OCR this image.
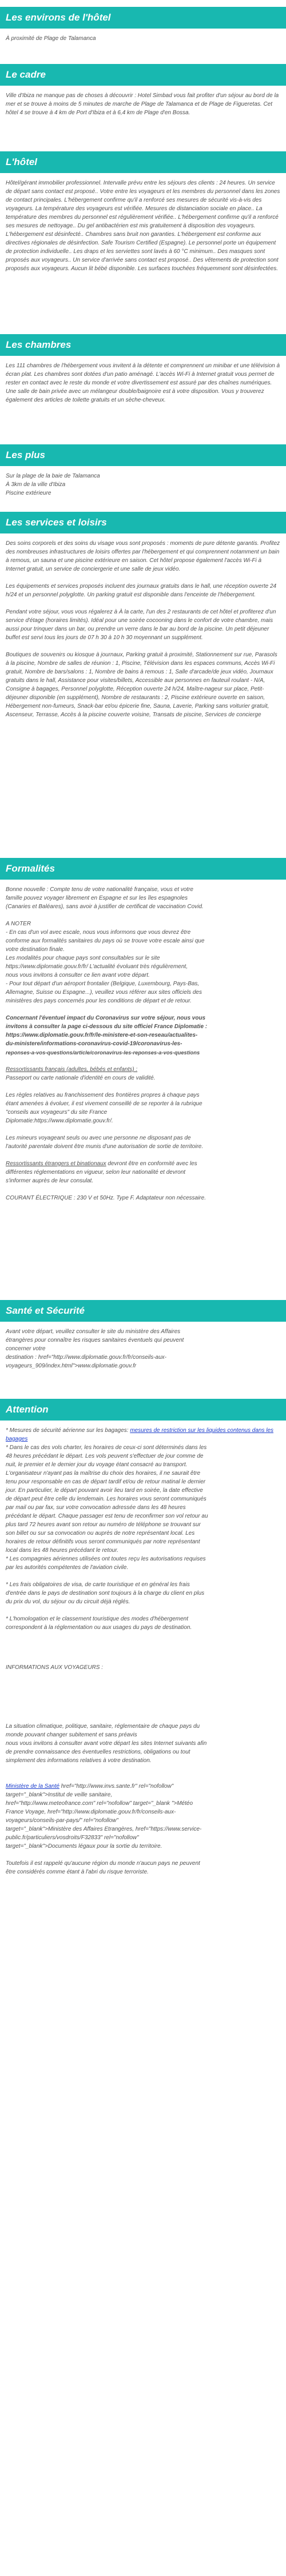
Les environs de l'hôtel

À proximité de Plage de Talamanca

Le cadre

Ville d'Ibiza ne manque pas de choses à découvrir : Hotel Simbad vous fait profiter d'un séjour au bord de la mer et se trouve à moins de 5 minutes de marche de Plage de Talamanca et de Plage de Figueretas. Cet hôtel 4 se trouve à 4 km de Port d'Ibiza et à 6,4 km de Plage d'en Bossa.

L'hôtel

Hôtel/gérant immobilier professionnel. Intervalle prévu entre les séjours des clients : 24 heures. Un service de départ sans contact est proposé.. Votre entre les voyageurs et les membres du personnel dans les zones de contact principales. L'hébergement confirme qu'il a renforcé ses mesures de sécurité vis-à-vis des voyageurs. La température des voyageurs est vérifiée. Mesures de distanciation sociale en place.. La température des membres du personnel est régulièrement vérifiée.. L'hébergement confirme qu'il a renforcé ses mesures de nettoyage.. Du gel antibactérien est mis gratuitement à disposition des voyageurs. L'hébergement est désinfecté.. Chambres sans bruit non garanties. L'hébergement est conforme aux directives régionales de désinfection. Safe Tourism Certified (Espagne). Le personnel porte un équipement de protection individuelle.. Les draps et les serviettes sont lavés à 60 °C minimum.. Des masques sont proposés aux voyageurs.. Un service d'arrivée sans contact est proposé.. Des vêtements de protection sont proposés aux voyageurs. Aucun lit bébé disponible. Les surfaces touchées fréquemment sont désinfectées.

Les chambres

Les 111 chambres de l'hébergement vous invitent à la détente et comprennent un minibar et une télévision à écran plat. Les chambres sont dotées d'un patio aménagé. L'accès Wi-Fi à Internet gratuit vous permet de rester en contact avec le reste du monde et votre divertissement est assuré par des chaînes numériques. Une salle de bain privée avec un mélangeur double/baignoire est à votre disposition. Vous y trouverez également des articles de toilette gratuits et un sèche-cheveux.

Les plus

Sur la plage de la baie de Talamanca

À 3km de la ville d'Ibiza

Piscine extérieure

Les services et loisirs

Des soins corporels et des soins du visage vous sont proposés : moments de pure détente garantis. Profitez des nombreuses infrastructures de loisirs offertes par l'hébergement et qui comprennent notamment un bain à remous, un sauna et une piscine extérieure en saison. Cet hôtel propose également l'accès Wi-Fi à Internet gratuit, un service de conciergerie et une salle de jeux vidéo.

Les équipements et services proposés incluent des journaux gratuits dans le hall, une réception ouverte 24 h/24 et un personnel polyglotte. Un parking gratuit est disponible dans l'enceinte de l'hébergement.

Pendant votre séjour, vous vous régalerez à À la carte, l'un des 2 restaurants de cet hôtel et profiterez d'un service d'étage (horaires limités). Idéal pour une soirée cocooning dans le confort de votre chambre, mais aussi pour trinquer dans un bar, ou prendre un verre dans le bar au bord de la piscine. Un petit déjeuner buffet est servi tous les jours de 07 h 30 à 10 h 30 moyennant un supplément.

Boutiques de souvenirs ou kiosque à journaux, Parking gratuit à proximité, Stationnement sur rue, Parasols à la piscine, Nombre de salles de réunion : 1, Piscine, Télévision dans les espaces communs, Accès Wi-Fi gratuit, Nombre de bars/salons : 1, Nombre de bains à remous : 1, Salle d'arcade/de jeux vidéo, Journaux gratuits dans le hall, Assistance pour visites/billets, Accessible aux personnes en fauteuil roulant - N/A, Consigne à bagages, Personnel polyglotte, Réception ouverte 24 h/24, Maître-nageur sur place, Petit-déjeuner disponible (en supplément), Nombre de restaurants : 2, Piscine extérieure ouverte en saison, Hébergement non-fumeurs, Snack-bar et/ou épicerie fine, Sauna, Laverie, Parking sans voiturier gratuit, Ascenseur, Terrasse, Accès à la piscine couverte voisine, Transats de piscine, Services de concierge

Formalités

Bonne nouvelle : Compte tenu de votre nationalité française, vous et votre

famille pouvez voyager librement en Espagne et sur les îles espagnoles

(Canaries et Baléares), sans avoir à justifier de certificat de vaccination Covid.

A NOTER

- En cas d'un vol avec escale, nous vous informons que vous devrez être

conforme aux formalités sanitaires du pays où se trouve votre escale ainsi que

votre destination finale.

Les modalités pour chaque pays sont consultables sur le site

https://www.diplomatie.gouv.fr/fr/ L'actualité évoluant très régulièrement,

nous vous invitons à consulter ce lien avant votre départ.

- Pour tout départ d'un aéroport frontalier (Belgique, Luxembourg, Pays-Bas,

Allemagne, Suisse ou Espagne...), veuillez vous référer aux sites officiels des

ministères des pays concernés pour les conditions de départ et de retour.

Concernant l'éventuel impact du Coronavirus sur votre séjour, nous vous

invitons à consulter la page ci-dessous du site officiel France Diplomatie :

https://www.diplomatie.gouv.fr/fr/le-ministere-et-son-reseau/actualites-

du-ministere/informations-coronavirus-covid-19/coronavirus-les-

reponses-a-vos-questions/article/coronavirus-les-reponses-a-vos-questions

Ressortissants français (adultes, bébés et enfants) :

Passeport ou carte nationale d'identité en cours de validité.

Les règles relatives au franchissement des frontières propres à chaque pays

étant amenées à évoluer, il est vivement conseillé de se reporter à la rubrique

"conseils aux voyageurs" du site France

Diplomatie:https://www.diplomatie.gouv.fr/.

Les mineurs voyageant seuls ou avec une personne ne disposant pas de

l'autorité parentale doivent être munis d'une autorisation de sortie de territoire.

Ressortissants étrangers et binationaux devront être en conformité avec les

différentes réglementations en vigueur, selon leur nationalité et devront

s'informer auprès de leur consulat.

COURANT ÉLECTRIQUE : 230 V et 50Hz. Type F. Adaptateur non nécessaire.

Santé et Sécurité

Avant votre départ, veuillez consulter le site du ministère des Affaires

étrangères pour connaître les risques sanitaires éventuels qui peuvent

concerner votre

destination : href="http://www.diplomatie.gouv.fr/fr/conseils-aux-

voyageurs_909/index.html">www.diplomatie.gouv.fr

Attention

* Mesures de sécurité aérienne sur les bagages: mesures de restriction sur les liquides contenus dans les bagages

* Dans le cas des vols charter, les horaires de ceux-ci sont déterminés dans les

48 heures précédant le départ. Les vols peuvent s'effectuer de jour comme de

nuit, le premier et le dernier jour du voyage étant consacré au transport.

L'organisateur n'ayant pas la maîtrise du choix des horaires, il ne saurait être

tenu pour responsable en cas de départ tardif et/ou de retour matinal le dernier

jour. En particulier, le départ pouvant avoir lieu tard en soirée, la date effective

de départ peut être celle du lendemain. Les horaires vous seront communiqués

par mail ou par fax, sur votre convocation adressée dans les 48 heures

précédant le départ. Chaque passager est tenu de reconfirmer son vol retour au

plus tard 72 heures avant son retour au numéro de téléphone se trouvant sur

son billet ou sur sa convocation ou auprès de notre représentant local. Les

horaires de retour définitifs vous seront communiqués par notre représentant

local dans les 48 heures précédant le retour.

* Les compagnies aériennes utilisées ont toutes reçu les autorisations requises

par les autorités compétentes de l'aviation civile.

* Les frais obligatoires de visa, de carte touristique et en général les frais

d'entrée dans le pays de destination sont toujours à la charge du client en plus

du prix du vol, du séjour ou du circuit déjà réglés.

* L'homologation et le classement touristique des modes d'hébergement

correspondent à la réglementation ou aux usages du pays de destination.

INFORMATIONS AUX VOYAGEURS :

La situation climatique, politique, sanitaire, réglementaire de chaque pays du

monde pouvant changer subitement et sans préavis

nous vous invitons à consulter avant votre départ les sites Internet suivants afin

de prendre connaissance des éventuelles restrictions, obligations ou tout

simplement des informations relatives à votre destination.

Ministère de la Santé href="http://www.invs.sante.fr" rel="nofollow"

target="_blank">Institut de veille sanitaire,

href="http://www.meteofrance.com" rel="nofollow" target="_blank ">Météo

France Voyage, href="http://www.diplomatie.gouv.fr/fr/conseils-aux-

voyageurs/conseils-par-pays/" rel="nofollow"

target="_blank">Ministère des Affaires Etrangères, href="https://www.service-

public.fr/particuliers/vosdroits/F32833" rel="nofollow"

target="_blank">Documents légaux pour la sortie du territoire.

Toutefois il est rappelé qu'aucune région du monde n'aucun pays ne peuvent

être considérés comme étant à l'abri du risque terroriste.
